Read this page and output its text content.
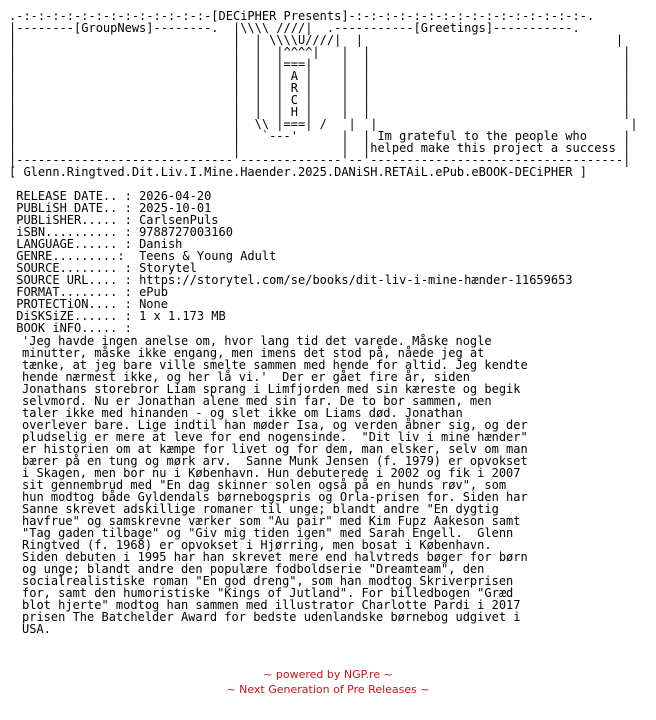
.-:-:-:-:-:-:-:-:-:-:-:-:-:-[DECiPHER Presents]-:-:-:-:-:-:-:-:-:-:-:-:-:-:-:-:-.
|--------[GroupNews]--------.  |\\\\ ////|  .-----------[Greetings]-----------.
|                              |  | \\\\U////|  |                                   |
|                              |  |  |^^^^|   |  |                                   |
|                              |  |  |===|    |  |                                   |
|                              |  |  | A |    |  |                                   |
|                              |  |  | R |    |  |                                   |
|                              |  |  | C |    |  |                                   |
|                              |  |  | H |    |  |                                   |
|                              |  \\ |===| /   |  |                                   |
|                              |   `---'      |  | Im grateful to the people who     |
|                              |              |  |helped make this project a success |
|------------------------------'--------------'--'-----------------------------------|
[ Glenn.Ringtved.Dit.Liv.I.Mine.Haender.2025.DANiSH.RETAiL.ePub.eBOOK-DECiPHER ]
RELEASE DATE.. : 2026-04-20
PUBLiSH DATE.. : 2025-10-01
PUBLiSHER..... : CarlsenPuls
iSBN.......... : 9788727003160
LANGUAGE...... : Danish
GENRE.........: Teens & Young Adult
SOURCE........ : Storytel
SOURCE URL.... : https://storytel.com/se/books/dit-liv-i-mine-hænder-11659653
FORMAT........ : ePub
PROTECTiON.... : None
DiSKSiZE...... : 1 x 1.173 MB
BOOK iNFO..... :
'Jeg havde ingen anelse om, hvor lang tid det varede. Måske nogle
minutter, måske ikke engang, men imens det stod på, nåede jeg at
tænke, at jeg bare ville smelte sammen med hende for altid. Jeg kendte
hende nærmest ikke, og her lå vi.'  Der er gået fire år, siden
Jonathans storebror Liam sprang i Limfjorden med sin kæreste og begik
selvmord. Nu er Jonathan alene med sin far. De to bor sammen, men
taler ikke med hinanden - og slet ikke om Liams død. Jonathan
overlever bare. Lige indtil han møder Isa, og verden åbner sig, og der
pludselig er mere at leve for end nogensinde.  "Dit liv i mine hænder"
er historien om at kæmpe for livet og for dem, man elsker, selv om man
bærer på en tung og mørk arv.  Sanne Munk Jensen (f. 1979) er opvokset
i Skagen, men bor nu i København. Hun debuterede i 2002 og fik i 2007
sit gennembrud med "En dag skinner solen også på en hunds røv", som
hun modtog både Gyldendals børnebogspris og Orla-prisen for. Siden har
Sanne skrevet adskillige romaner til unge; blandt andre "En dygtig
havfrue" og samskrevne værker som "Au pair" med Kim Fupz Aakeson samt
"Tag gaden tilbage" og "Giv mig tiden igen" med Sarah Engell.  Glenn
Ringtved (f. 1968) er opvokset i Hjørring, men bosat i København.
Siden debuten i 1995 har han skrevet mere end halvtreds bøger for børn
og unge; blandt andre den populære fodboldserie "Dreamteam", den
socialrealistiske roman "En god dreng", som han modtog Skriverprisen
for, samt den humoristiske "Kings of Jutland". For billedbogen "Græd
blot hjerte" modtog han sammen med illustrator Charlotte Pardi i 2017
prisen The Batchelder Award for bedste udenlandske børnebog udgivet i
USA.
~ powered by NGP.re ~
~ Next Generation of Pre Releases ~
